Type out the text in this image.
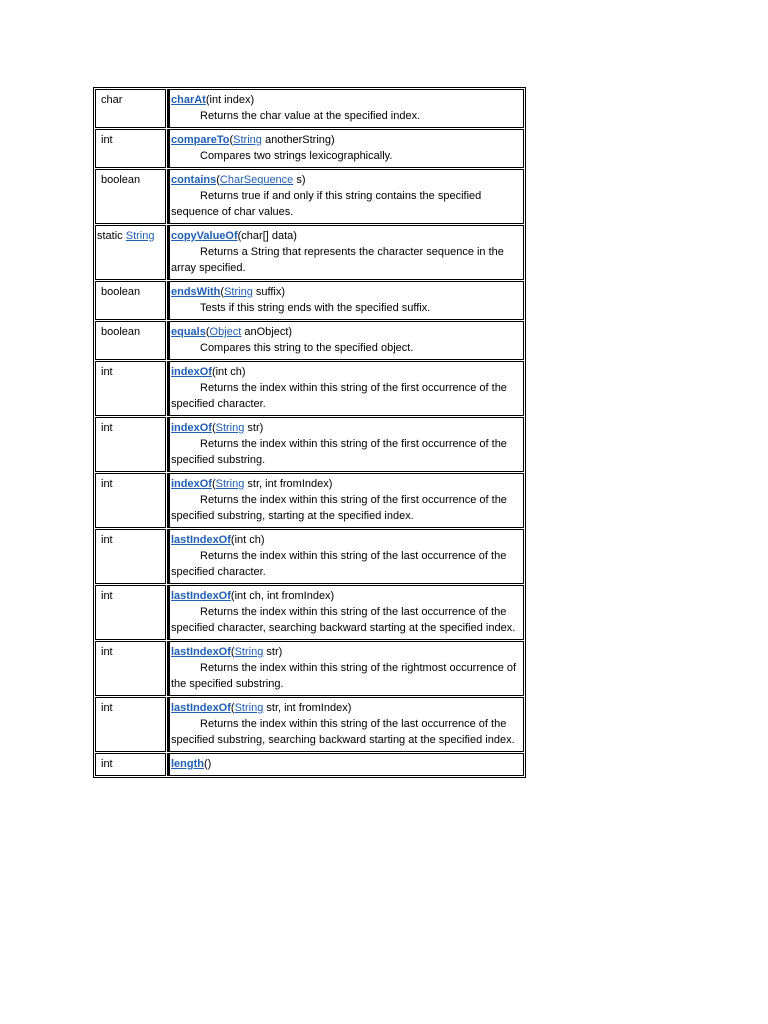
char	charAt(int index)
Returns the char value at the specified index.

int	compareTo(String anotherString)
Compares two strings lexicographically.

boolean	contains(CharSequence s)
Returns true if and only if this string contains the specified sequence of char values.

static String	copyValueOf(char[] data)
Returns a String that represents the character sequence in the array specified.

boolean	endsWith(String suffix)
Tests if this string ends with the specified suffix.

boolean	equals(Object anObject)
Compares this string to the specified object.

int	indexOf(int ch)
Returns the index within this string of the first occurrence of the specified character.

int	indexOf(String str)
Returns the index within this string of the first occurrence of the specified substring.

int	indexOf(String str, int fromIndex)
Returns the index within this string of the first occurrence of the specified substring, starting at the specified index.

int	lastIndexOf(int ch)
Returns the index within this string of the last occurrence of the specified character.

int	lastIndexOf(int ch, int fromIndex)
Returns the index within this string of the last occurrence of the specified character, searching backward starting at the specified index.

int	lastIndexOf(String str)
Returns the index within this string of the rightmost occurrence of the specified substring.

int	lastIndexOf(String str, int fromIndex)
Returns the index within this string of the last occurrence of the specified substring, searching backward starting at the specified index.

int	length()
